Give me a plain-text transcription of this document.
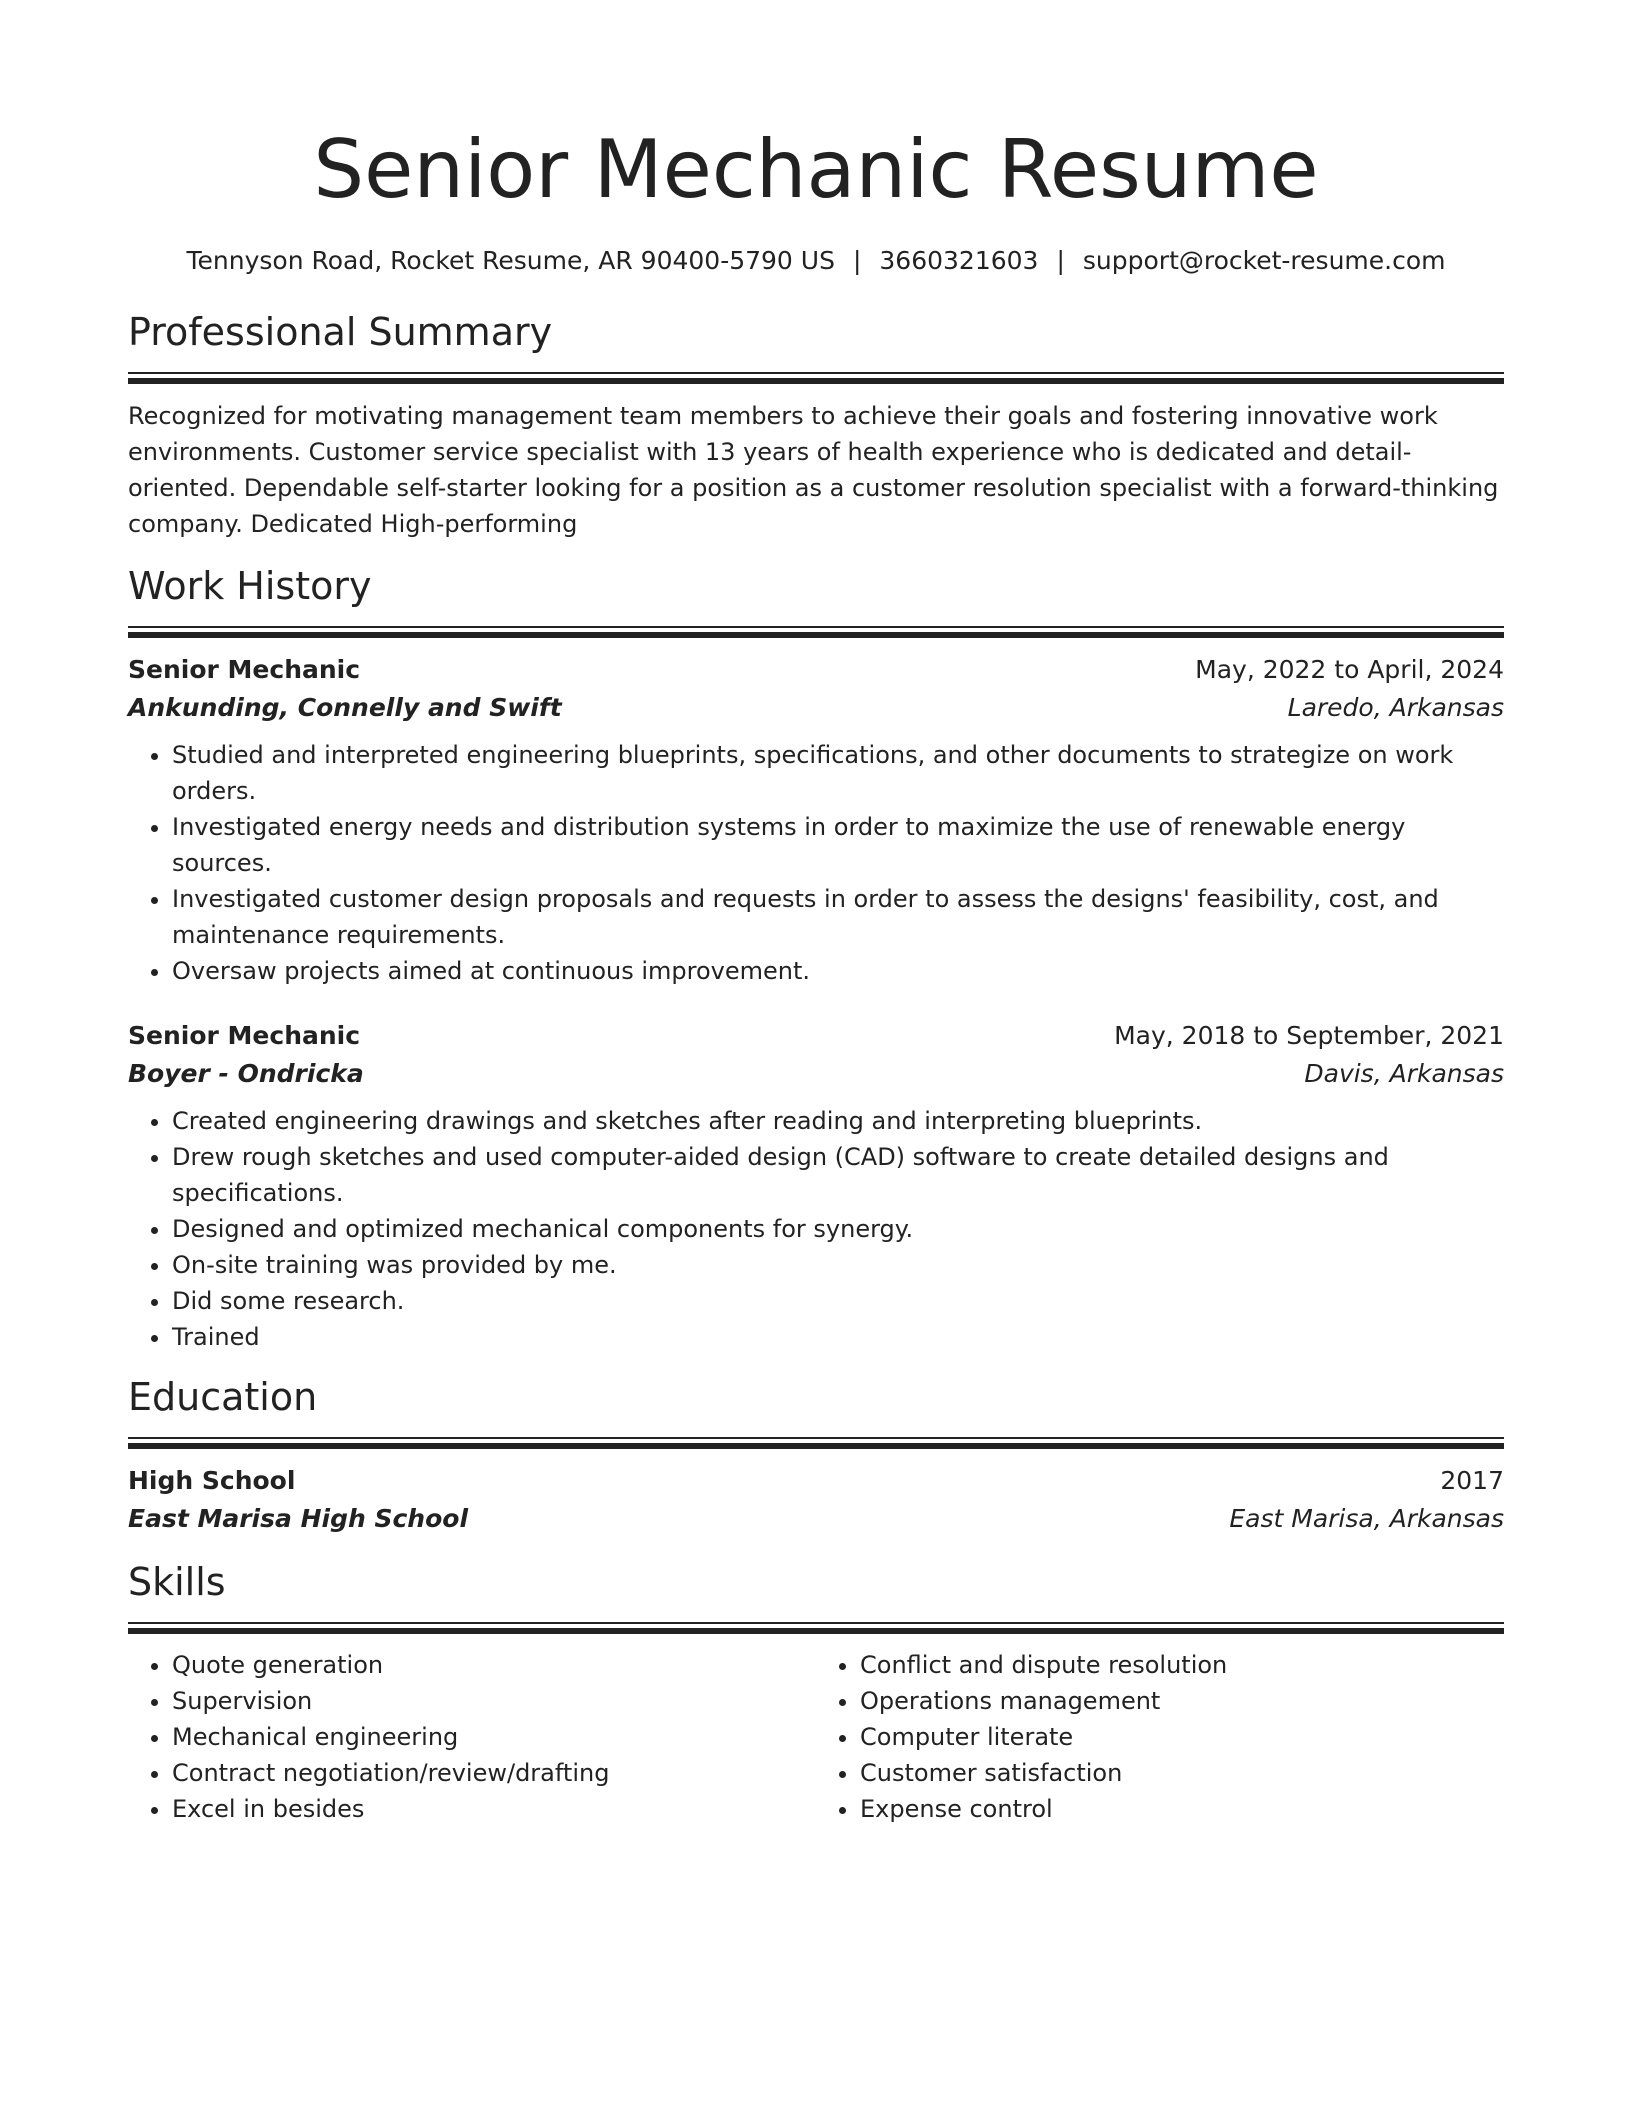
Senior Mechanic Resume
Tennyson Road, Rocket Resume, AR 90400-5790 US | 3660321603 | support@rocket-resume.com
Professional Summary
Recognized for motivating management team members to achieve their goals and fostering innovative work environments. Customer service specialist with 13 years of health experience who is dedicated and detail-oriented. Dependable self-starter looking for a position as a customer resolution specialist with a forward-thinking company. Dedicated High-performing
Work History
Senior Mechanic	May, 2022 to April, 2024
Ankunding, Connelly and Swift	Laredo, Arkansas
• Studied and interpreted engineering blueprints, specifications, and other documents to strategize on work orders.
• Investigated energy needs and distribution systems in order to maximize the use of renewable energy sources.
• Investigated customer design proposals and requests in order to assess the designs' feasibility, cost, and maintenance requirements.
• Oversaw projects aimed at continuous improvement.
Senior Mechanic	May, 2018 to September, 2021
Boyer - Ondricka	Davis, Arkansas
• Created engineering drawings and sketches after reading and interpreting blueprints.
• Drew rough sketches and used computer-aided design (CAD) software to create detailed designs and specifications.
• Designed and optimized mechanical components for synergy.
• On-site training was provided by me.
• Did some research.
• Trained
Education
High School	2017
East Marisa High School	East Marisa, Arkansas
Skills
• Quote generation
• Supervision
• Mechanical engineering
• Contract negotiation/review/drafting
• Excel in besides
• Conflict and dispute resolution
• Operations management
• Computer literate
• Customer satisfaction
• Expense control
